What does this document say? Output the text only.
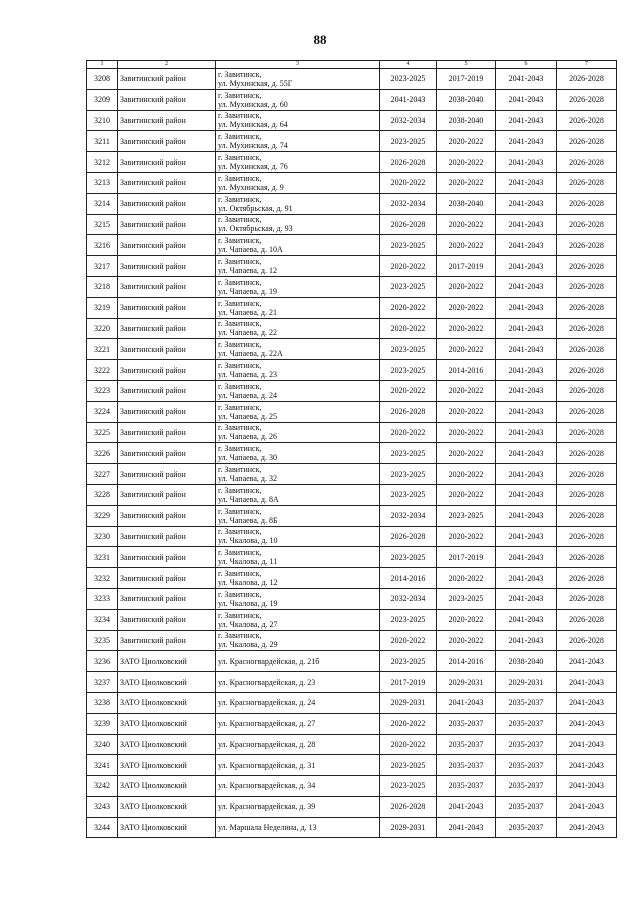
88
1	2	3	4	5	6	7
3208	Завитинский район	г. Завитинск,
ул. Мухинская, д. 55Г	2023-2025	2017-2019	2041-2043	2026-2028
3209	Завитинский район	г. Завитинск,
ул. Мухинская, д. 60	2041-2043	2038-2040	2041-2043	2026-2028
3210	Завитинский район	г. Завитинск,
ул. Мухинская, д. 64	2032-2034	2038-2040	2041-2043	2026-2028
3211	Завитинский район	г. Завитинск,
ул. Мухинская, д. 74	2023-2025	2020-2022	2041-2043	2026-2028
3212	Завитинский район	г. Завитинск,
ул. Мухинская, д. 76	2026-2028	2020-2022	2041-2043	2026-2028
3213	Завитинский район	г. Завитинск,
ул. Мухинская, д. 9	2020-2022	2020-2022	2041-2043	2026-2028
3214	Завитинский район	г. Завитинск,
ул. Октябрьская, д. 91	2032-2034	2038-2040	2041-2043	2026-2028
3215	Завитинский район	г. Завитинск,
ул. Октябрьская, д. 93	2026-2028	2020-2022	2041-2043	2026-2028
3216	Завитинский район	г. Завитинск,
ул. Чапаева, д. 10А	2023-2025	2020-2022	2041-2043	2026-2028
3217	Завитинский район	г. Завитинск,
ул. Чапаева, д. 12	2020-2022	2017-2019	2041-2043	2026-2028
3218	Завитинский район	г. Завитинск,
ул. Чапаева, д. 19	2023-2025	2020-2022	2041-2043	2026-2028
3219	Завитинский район	г. Завитинск,
ул. Чапаева, д. 21	2020-2022	2020-2022	2041-2043	2026-2028
3220	Завитинский район	г. Завитинск,
ул. Чапаева, д. 22	2020-2022	2020-2022	2041-2043	2026-2028
3221	Завитинский район	г. Завитинск,
ул. Чапаева, д. 22А	2023-2025	2020-2022	2041-2043	2026-2028
3222	Завитинский район	г. Завитинск,
ул. Чапаева, д. 23	2023-2025	2014-2016	2041-2043	2026-2028
3223	Завитинский район	г. Завитинск,
ул. Чапаева, д. 24	2020-2022	2020-2022	2041-2043	2026-2028
3224	Завитинский район	г. Завитинск,
ул. Чапаева, д. 25	2026-2028	2020-2022	2041-2043	2026-2028
3225	Завитинский район	г. Завитинск,
ул. Чапаева, д. 26	2020-2022	2020-2022	2041-2043	2026-2028
3226	Завитинский район	г. Завитинск,
ул. Чапаева, д. 30	2023-2025	2020-2022	2041-2043	2026-2028
3227	Завитинский район	г. Завитинск,
ул. Чапаева, д. 32	2023-2025	2020-2022	2041-2043	2026-2028
3228	Завитинский район	г. Завитинск,
ул. Чапаева, д. 8А	2023-2025	2020-2022	2041-2043	2026-2028
3229	Завитинский район	г. Завитинск,
ул. Чапаева, д. 8Б	2032-2034	2023-2025	2041-2043	2026-2028
3230	Завитинский район	г. Завитинск,
ул. Чкалова, д. 10	2026-2028	2020-2022	2041-2043	2026-2028
3231	Завитинский район	г. Завитинск,
ул. Чкалова, д. 11	2023-2025	2017-2019	2041-2043	2026-2028
3232	Завитинский район	г. Завитинск,
ул. Чкалова, д. 12	2014-2016	2020-2022	2041-2043	2026-2028
3233	Завитинский район	г. Завитинск,
ул. Чкалова, д. 19	2032-2034	2023-2025	2041-2043	2026-2028
3234	Завитинский район	г. Завитинск,
ул. Чкалова, д. 27	2023-2025	2020-2022	2041-2043	2026-2028
3235	Завитинский район	г. Завитинск,
ул. Чкалова, д. 29	2020-2022	2020-2022	2041-2043	2026-2028
3236	ЗАТО Циолковский	ул. Красногвардейская, д. 21б	2023-2025	2014-2016	2038-2040	2041-2043
3237	ЗАТО Циолковский	ул. Красногвардейская, д. 23	2017-2019	2029-2031	2029-2031	2041-2043
3238	ЗАТО Циолковский	ул. Красногвардейская, д. 24	2029-2031	2041-2043	2035-2037	2041-2043
3239	ЗАТО Циолковский	ул. Красногвардейская, д. 27	2020-2022	2035-2037	2035-2037	2041-2043
3240	ЗАТО Циолковский	ул. Красногвардейская, д. 28	2020-2022	2035-2037	2035-2037	2041-2043
3241	ЗАТО Циолковский	ул. Красногвардейская, д. 31	2023-2025	2035-2037	2035-2037	2041-2043
3242	ЗАТО Циолковский	ул. Красногвардейская, д. 34	2023-2025	2035-2037	2035-2037	2041-2043
3243	ЗАТО Циолковский	ул. Красногвардейская, д. 39	2026-2028	2041-2043	2035-2037	2041-2043
3244	ЗАТО Циолковский	ул. Маршала Неделина, д. 13	2029-2031	2041-2043	2035-2037	2041-2043
